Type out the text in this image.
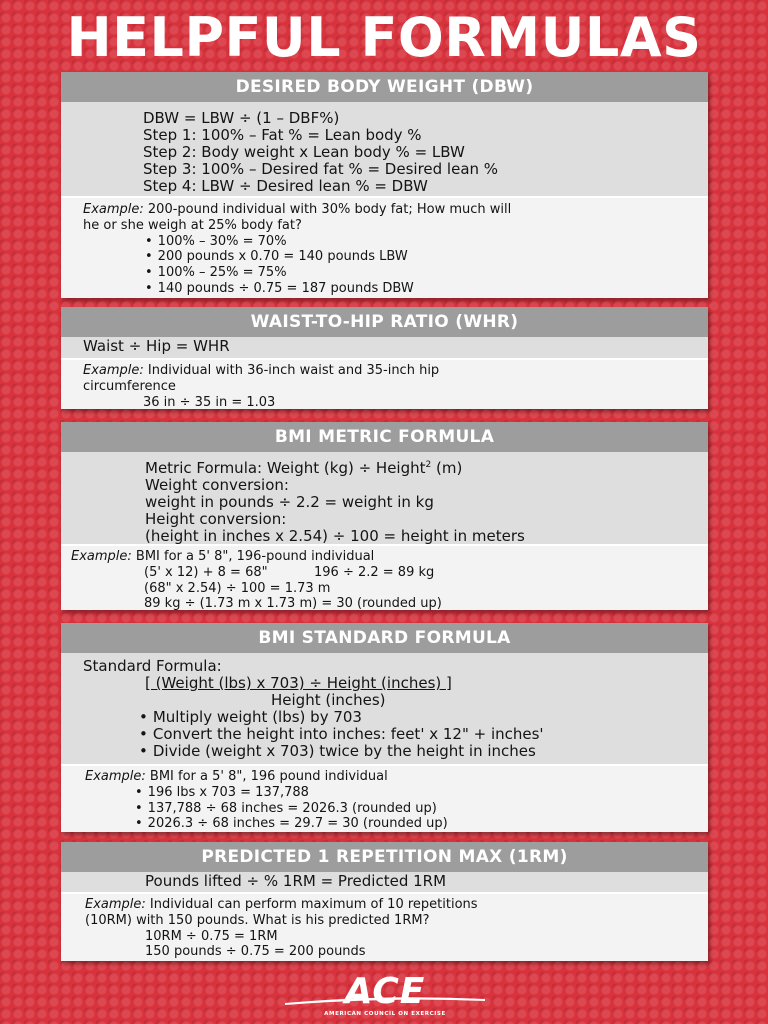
HELPFUL FORMULAS
DESIRED BODY WEIGHT (DBW)
DBW = LBW ÷ (1 – DBF%)
Step 1: 100% – Fat % = Lean body %
Step 2: Body weight x Lean body % = LBW
Step 3: 100% – Desired fat % = Desired lean %
Step 4: LBW ÷ Desired lean % = DBW
Example: 200-pound individual with 30% body fat; How much will
he or she weigh at 25% body fat?
• 100% – 30% = 70%
• 200 pounds x 0.70 = 140 pounds LBW
• 100% – 25% = 75%
• 140 pounds ÷ 0.75 = 187 pounds DBW
WAIST-TO-HIP RATIO (WHR)
Waist ÷ Hip = WHR
Example: Individual with 36-inch waist and 35-inch hip
circumference
36 in ÷ 35 in = 1.03
BMI METRIC FORMULA
Metric Formula: Weight (kg) ÷ Height$^2$ (m)
Weight conversion:
weight in pounds ÷ 2.2 = weight in kg
Height conversion:
(height in inches x 2.54) ÷ 100 = height in meters
Example: BMI for a 5' 8", 196-pound individual
(5' x 12) + 8 = 68"	196 ÷ 2.2 = 89 kg
(68" x 2.54) ÷ 100 = 1.73 m
89 kg ÷ (1.73 m x 1.73 m) = 30 (rounded up)
BMI STANDARD FORMULA
Standard Formula:
[ (Weight (lbs) x 703) ÷ Height (inches) ]
Height (inches)
• Multiply weight (lbs) by 703
• Convert the height into inches: feet' x 12" + inches'
• Divide (weight x 703) twice by the height in inches
Example: BMI for a 5' 8", 196 pound individual
• 196 lbs x 703 = 137,788
• 137,788 ÷ 68 inches = 2026.3 (rounded up)
• 2026.3 ÷ 68 inches = 29.7 = 30 (rounded up)
PREDICTED 1 REPETITION MAX (1RM)
Pounds lifted ÷ % 1RM = Predicted 1RM
Example: Individual can perform maximum of 10 repetitions
(10RM) with 150 pounds. What is his predicted 1RM?
10RM ÷ 0.75 = 1RM
150 pounds ÷ 0.75 = 200 pounds
ACE
AMERICAN COUNCIL ON EXERCISE
